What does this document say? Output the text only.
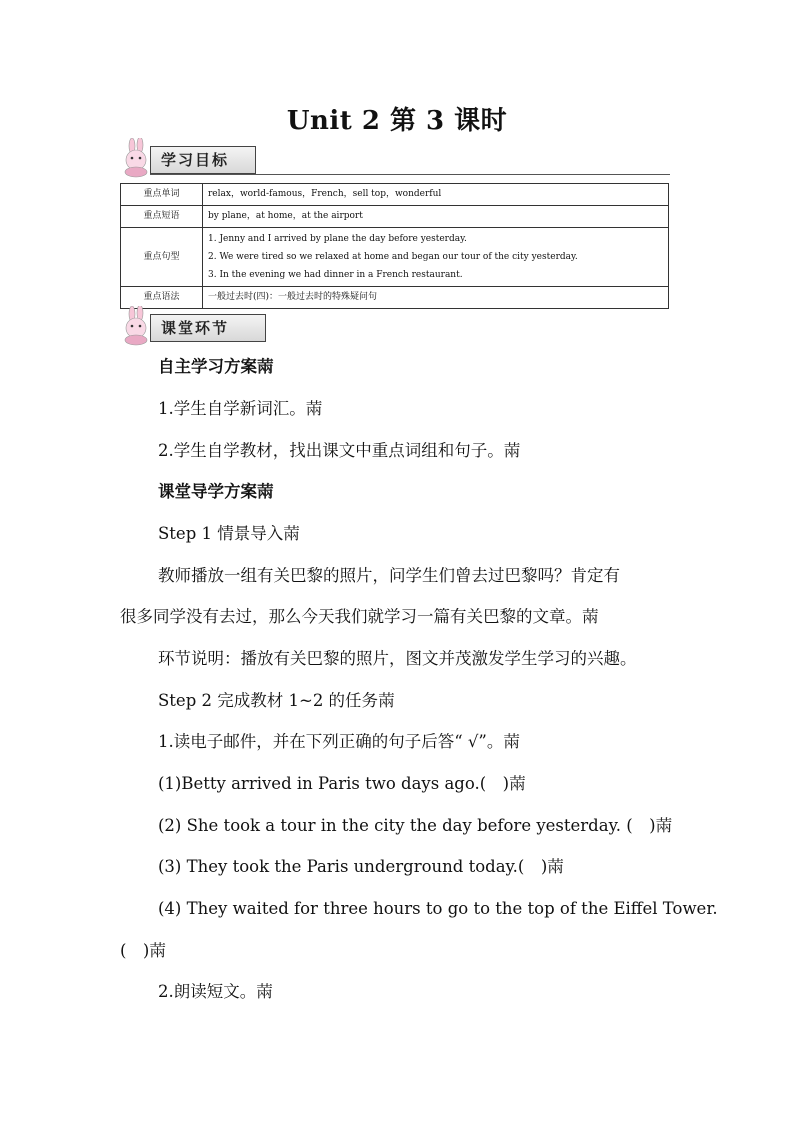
Unit 2 第 3 课时
学习目标
重点单词	relax，world-famous，French，sell top，wonderful
重点短语	by plane，at home，at the airport
重点句型	1. Jenny and I arrived by plane the day before yesterday.
2. We were tired so we relaxed at home and began our tour of the city yesterday.
3. In the evening we had dinner in a French restaurant.

重点语法	一般过去时(四)：一般过去时的特殊疑问句
课堂环节
自主学习方案䓣
1.学生自学新词汇。䓣
2.学生自学教材，找出课文中重点词组和句子。䓣
课堂导学方案䓣
Step 1 情景导入䓣
教师播放一组有关巴黎的照片，问学生们曾去过巴黎吗？肯定有
很多同学没有去过，那么今天我们就学习一篇有关巴黎的文章。䓣
环节说明：播放有关巴黎的照片，图文并茂激发学生学习的兴趣。
Step 2 完成教材 1~2 的任务䓣
1.读电子邮件，并在下列正确的句子后答“ √”。䓣
(1)Betty arrived in Paris two days ago.(　)䓣
(2) She took a tour in the city the day before yesterday. (　)䓣
(3) They took the Paris underground today.(　)䓣
(4) They waited for three hours to go to the top of the Eiffel Tower.
(　)䓣
2.朗读短文。䓣
